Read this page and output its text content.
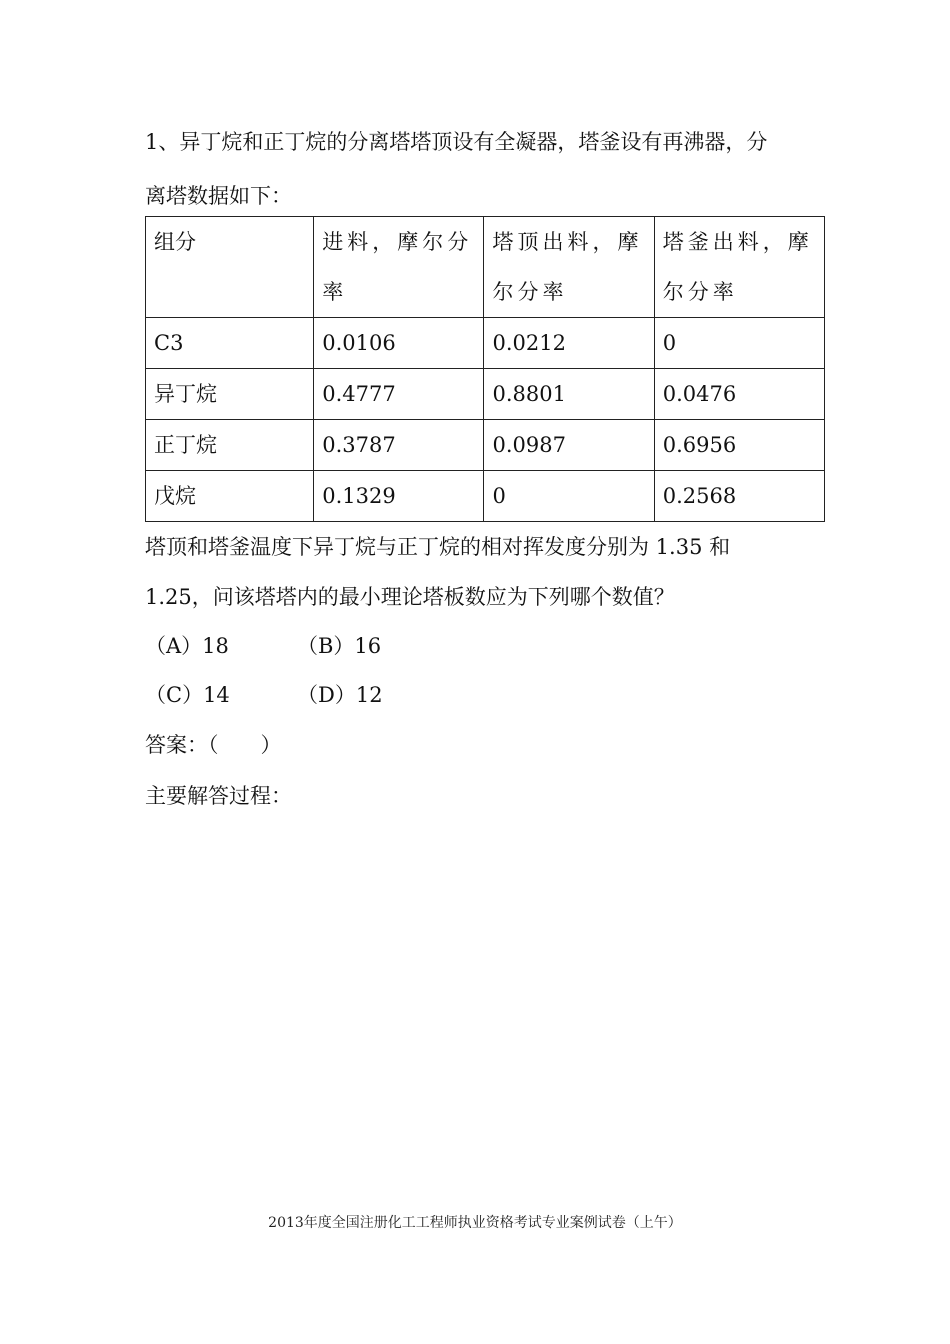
1、异丁烷和正丁烷的分离塔塔顶设有全凝器，塔釜设有再沸器，分
离塔数据如下：
组分	进料，摩尔分率	塔顶出料，摩尔分率	塔釜出料，摩尔分率
C3	0.0106	0.0212	0
异丁烷	0.4777	0.8801	0.0476
正丁烷	0.3787	0.0987	0.6956
戊烷	0.1329	0	0.2568
塔顶和塔釜温度下异丁烷与正丁烷的相对挥发度分别为 1.35 和
1.25，问该塔塔内的最小理论塔板数应为下列哪个数值？
（A）18	（B）16
（C）14	（D）12
答案：（　　）
主要解答过程：
2013年度全国注册化工工程师执业资格考试专业案例试卷（上午）
